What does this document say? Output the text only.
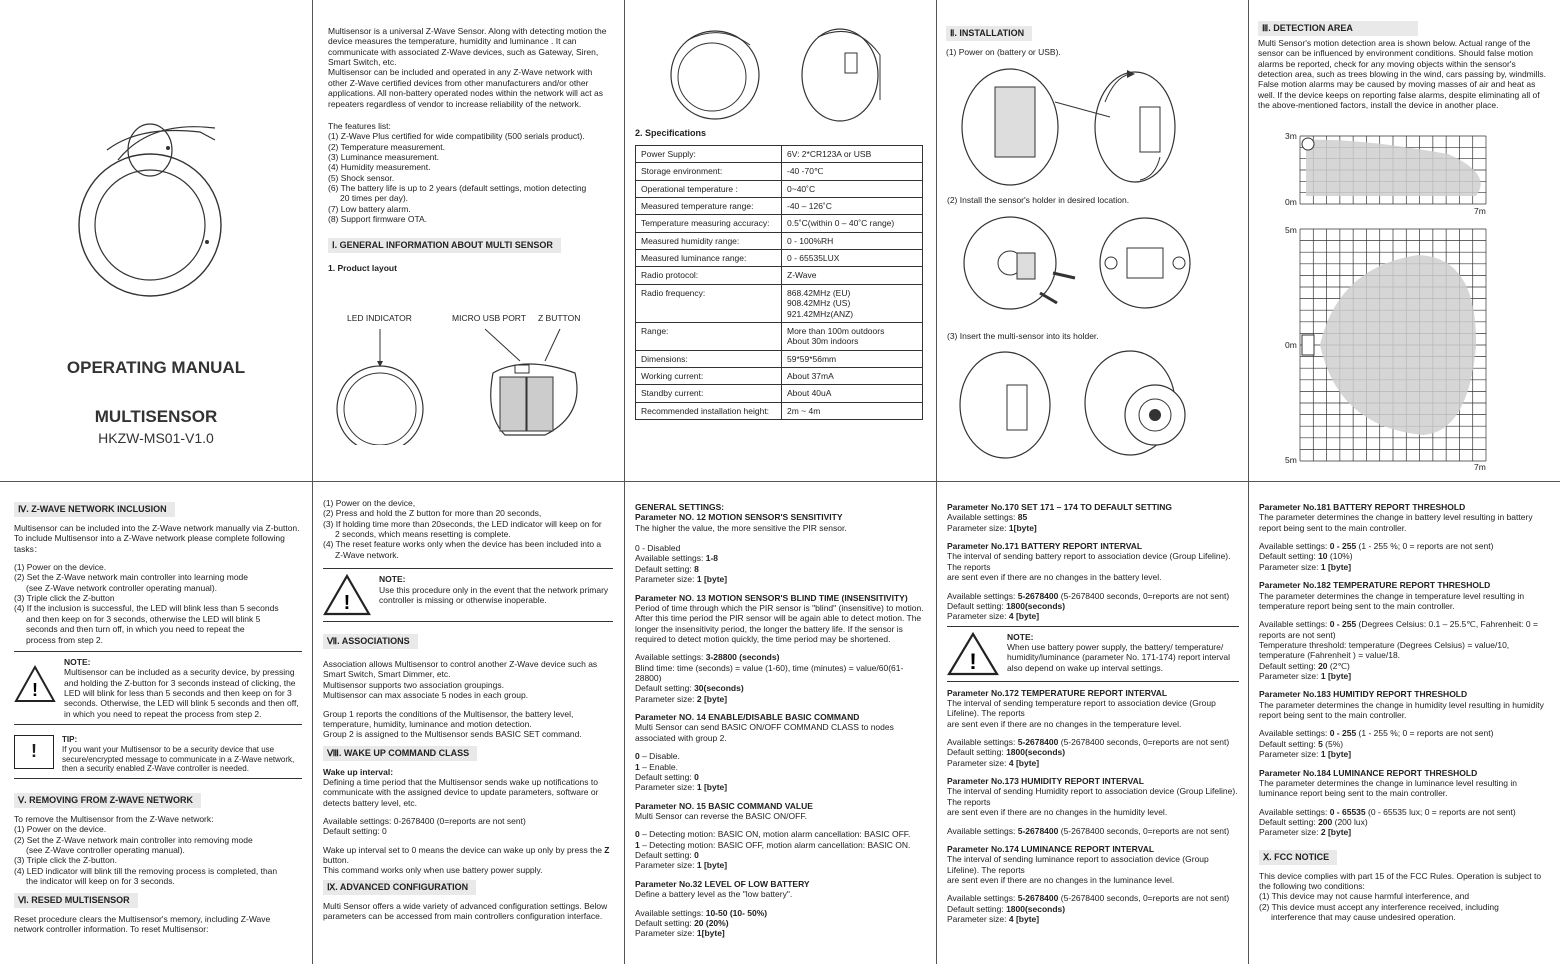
OPERATING MANUAL
MULTISENSOR
HKZW-MS01-V1.0

Multisensor is a universal Z-Wave Sensor. Along with detecting motion the device measures the temperature, humidity and luminance . It can communicate with associated Z-Wave devices, such as Gateway, Siren, Smart Switch, etc.

Multisensor can be included and operated in any Z-Wave network with other Z-Wave certified devices from other manufacturers and/or other applications. All non-battery operated nodes within the network will act as repeaters regardless of vendor to increase reliability of the network.

The features list:

(1) Z-Wave Plus certified for wide compatibility (500 serials product).

(2) Temperature measurement.

(3) Luminance measurement.

(4) Humidity measurement.

(5) Shock sensor.

(6) The battery life is up to 2 years (default settings, motion detecting

20 times per day).

(7) Low battery alarm.

(8) Support firmware OTA.

Ⅰ. GENERAL INFORMATION ABOUT MULTI SENSOR

1. Product layout

LED INDICATOR	MICRO USB PORT Z BUTTON

2. Specifications

Power Supply:	6V: 2*CR123A or USB
Storage environment:	-40 -70℃
Operational temperature :	0~40˚C
Measured temperature range:	-40 – 126˚C
Temperature measuring accuracy:	0.5˚C(within 0 – 40˚C range)
Measured humidity range:	0 - 100%RH
Measured luminance range:	0 - 65535LUX
Radio protocol:	Z-Wave
Radio frequency:	868.42MHz (EU)
908.42MHz (US)
921.42MHz(ANZ)
Range:	More than 100m outdoors
About 30m indoors
Dimensions:	59*59*56mm
Working current:	About 37mA
Standby current:	About 40uA
Recommended installation height:	2m ~ 4m
Ⅱ. INSTALLATION

(1) Power on (battery or USB).

(2) Install the sensor's holder in desired location.
(3) Insert the multi-sensor into its holder.
Ⅲ. DETECTION AREA

Multi Sensor's motion detection area is shown below. Actual range of the sensor can be influenced by environment conditions. Should false motion alarms be reported, check for any moving objects within the sensor's detection area, such as trees blowing in the wind, cars passing by, windmills. False motion alarms may be caused by moving masses of air and heat as well. If the device keeps on reporting false alarms, despite eliminating all of the above-mentioned factors, install the device in another place.

3m
0m
7m
5m
0m
5m
7m
Ⅳ. Z-WAVE NETWORK INCLUSION

Multisensor can be included into the Z-Wave network manually via Z-button.

To include Multisensor into a Z-Wave network please complete following tasks：

(1) Power on the device.

(2) Set the Z-Wave network main controller into learning mode

(see Z-Wave network controller operating manual).

(3) Triple click the Z-button

(4) If the inclusion is successful, the LED will blink less than 5 seconds

and then keep on for 3 seconds, otherwise the LED will blink 5

seconds and then turn off, in which you need to repeat the

process from step 2.

!

NOTE:

Multisensor can be included as a security device, by pressing and holding the Z-button for 3 seconds instead of clicking, the LED will blink for less than 5 seconds and then keep on for 3 seconds. Otherwise, the LED will blink 5 seconds and then off, in which you need to repeat the process from step 2.

!

TIP:

If you want your Multisensor to be a security device that use secure/encrypted message to communicate in a Z-Wave network, then a security enabled Z-Wave controller is needed.

Ⅴ. REMOVING FROM Z-WAVE NETWORK

To remove the Multisensor from the Z-Wave network:

(1) Power on the device.

(2) Set the Z-Wave network main controller into removing mode

(see Z-Wave controller operating manual).

(3) Triple click the Z-button.

(4) LED indicator will blink till the removing process is completed, than

the indicator will keep on for 3 seconds.

Ⅵ. RESED MULTISENSOR

Reset procedure clears the Multisensor's memory, including Z-Wave network controller information. To reset Multisensor:

(1) Power on the device,

(2) Press and hold the Z button for more than 20 seconds,

(3) If holding time more than 20seconds, the LED indicator will keep on for

2 seconds, which means resetting is complete.

(4) The reset feature works only when the device has been included into a

Z-Wave network.

!

NOTE:

Use this procedure only in the event that the network primary controller is missing or otherwise inoperable.

Ⅶ. ASSOCIATIONS

Association allows Multisensor to control another Z-Wave device such as Smart Switch, Smart Dimmer, etc.

Multisensor supports two association groupings.

Multisensor can max associate 5 nodes in each group.

Group 1 reports the conditions of the Multisensor, the battery level, temperature, humidity, luminance and motion detection.

Group 2 is assigned to the Multisensor sends BASIC SET command.

Ⅷ. WAKE UP COMMAND CLASS

Wake up interval:

Defining a time period that the Multisensor sends wake up notifications to communicate with the assigned device to update parameters, software or detects battery level, etc.

Available settings: 0-2678400 (0=reports are not sent)

Default setting: 0

Wake up interval set to 0 means the device can wake up only by press the Z button.

This command works only when use battery power supply.

Ⅸ. ADVANCED CONFIGURATION

Multi Sensor offers a wide variety of advanced configuration settings. Below parameters can be accessed from main controllers configuration interface.

GENERAL SETTINGS:

Parameter NO. 12 MOTION SENSOR'S SENSITIVITY

The higher the value, the more sensitive the PIR sensor.

0 - Disabled

Available settings: 1-8

Default setting: 8

Parameter size: 1 [byte]

Parameter NO. 13 MOTION SENSOR'S BLIND TIME (INSENSITIVITY)

Period of time through which the PIR sensor is "blind" (insensitive) to motion. After this time period the PIR sensor will be again able to detect motion. The longer the insensitivity period, the longer the battery life. If the sensor is required to detect motion quickly, the time period may be shortened.

Available settings: 3-28800 (seconds)

Blind time: time (seconds) = value (1-60), time (minutes) = value/60(61-28800)

Default setting: 30(seconds)

Parameter size: 2 [byte]

Parameter NO. 14 ENABLE/DISABLE BASIC COMMAND

Multi Sensor can send BASIC ON/OFF COMMAND CLASS to nodes associated with group 2.

0 – Disable.

1 – Enable.

Default setting: 0

Parameter size: 1 [byte]

Parameter NO. 15 BASIC COMMAND VALUE

Multi Sensor can reverse the BASIC ON/OFF.

0 – Detecting motion: BASIC ON, motion alarm cancellation: BASIC OFF.

1 – Detecting motion: BASIC OFF, motion alarm cancellation: BASIC ON.

Default setting: 0

Parameter size: 1 [byte]

Parameter No.32 LEVEL OF LOW BATTERY

Define a battery level as the "low battery".

Available settings: 10-50 (10- 50%)

Default setting: 20 (20%)

Parameter size: 1[byte]

Parameter No.170 SET 171 – 174 TO DEFAULT SETTING

Available settings: 85

Parameter size: 1[byte]

Parameter No.171 BATTERY REPORT INTERVAL

The interval of sending battery report to association device (Group Lifeline). The reports

are sent even if there are no changes in the battery level.

Available settings: 5-2678400 (5-2678400 seconds, 0=reports are not sent)

Default setting: 1800(seconds)

Parameter size: 4 [byte]

!

NOTE:

When use battery power supply, the battery/ temperature/ humidity/luminance (parameter No. 171-174) report interval also depend on wake up interval settings.

Parameter No.172 TEMPERATURE REPORT INTERVAL

The interval of sending temperature report to association device (Group Lifeline). The reports

are sent even if there are no changes in the temperature level.

Available settings: 5-2678400 (5-2678400 seconds, 0=reports are not sent)

Default setting: 1800(seconds)

Parameter size: 4 [byte]

Parameter No.173 HUMIDITY REPORT INTERVAL

The interval of sending Humidity report to association device (Group Lifeline). The reports

are sent even if there are no changes in the humidity level.

Available settings: 5-2678400 (5-2678400 seconds, 0=reports are not sent)

Parameter No.174 LUMINANCE REPORT INTERVAL

The interval of sending luminance report to association device (Group Lifeline). The reports

are sent even if there are no changes in the luminance level.

Available settings: 5-2678400 (5-2678400 seconds, 0=reports are not sent)

Default setting: 1800(seconds)

Parameter size: 4 [byte]

Parameter No.181 BATTERY REPORT THRESHOLD

The parameter determines the change in battery level resulting in battery report being sent to the main controller.

Available settings: 0 - 255 (1 - 255 %; 0 = reports are not sent)

Default setting: 10 (10%)

Parameter size: 1 [byte]

Parameter No.182 TEMPERATURE REPORT THRESHOLD

The parameter determines the change in temperature level resulting in temperature report being sent to the main controller.

Available settings: 0 - 255 (Degrees Celsius: 0.1 – 25.5℃, Fahrenheit: 0 = reports are not sent)

Temperature threshold: temperature (Degrees Celsius) = value/10, temperature (Fahrenheit ) = value/18.

Default setting: 20 (2℃)

Parameter size: 1 [byte]

Parameter No.183 HUMITIDY REPORT THRESHOLD

The parameter determines the change in humidity level resulting in humidity report being sent to the main controller.

Available settings: 0 - 255 (1 - 255 %; 0 = reports are not sent)

Default setting: 5 (5%)

Parameter size: 1 [byte]

Parameter No.184 LUMINANCE REPORT THRESHOLD

The parameter determines the change in luminance level resulting in luminance report being sent to the main controller.

Available settings: 0 - 65535 (0 - 65535 lux; 0 = reports are not sent)

Default setting: 200 (200 lux)

Parameter size: 2 [byte]

Ⅹ. FCC NOTICE

This device complies with part 15 of the FCC Rules. Operation is subject to the following two conditions:

(1) This device may not cause harmful interference, and

(2) This device must accept any interference received, including

interference that may cause undesired operation.
